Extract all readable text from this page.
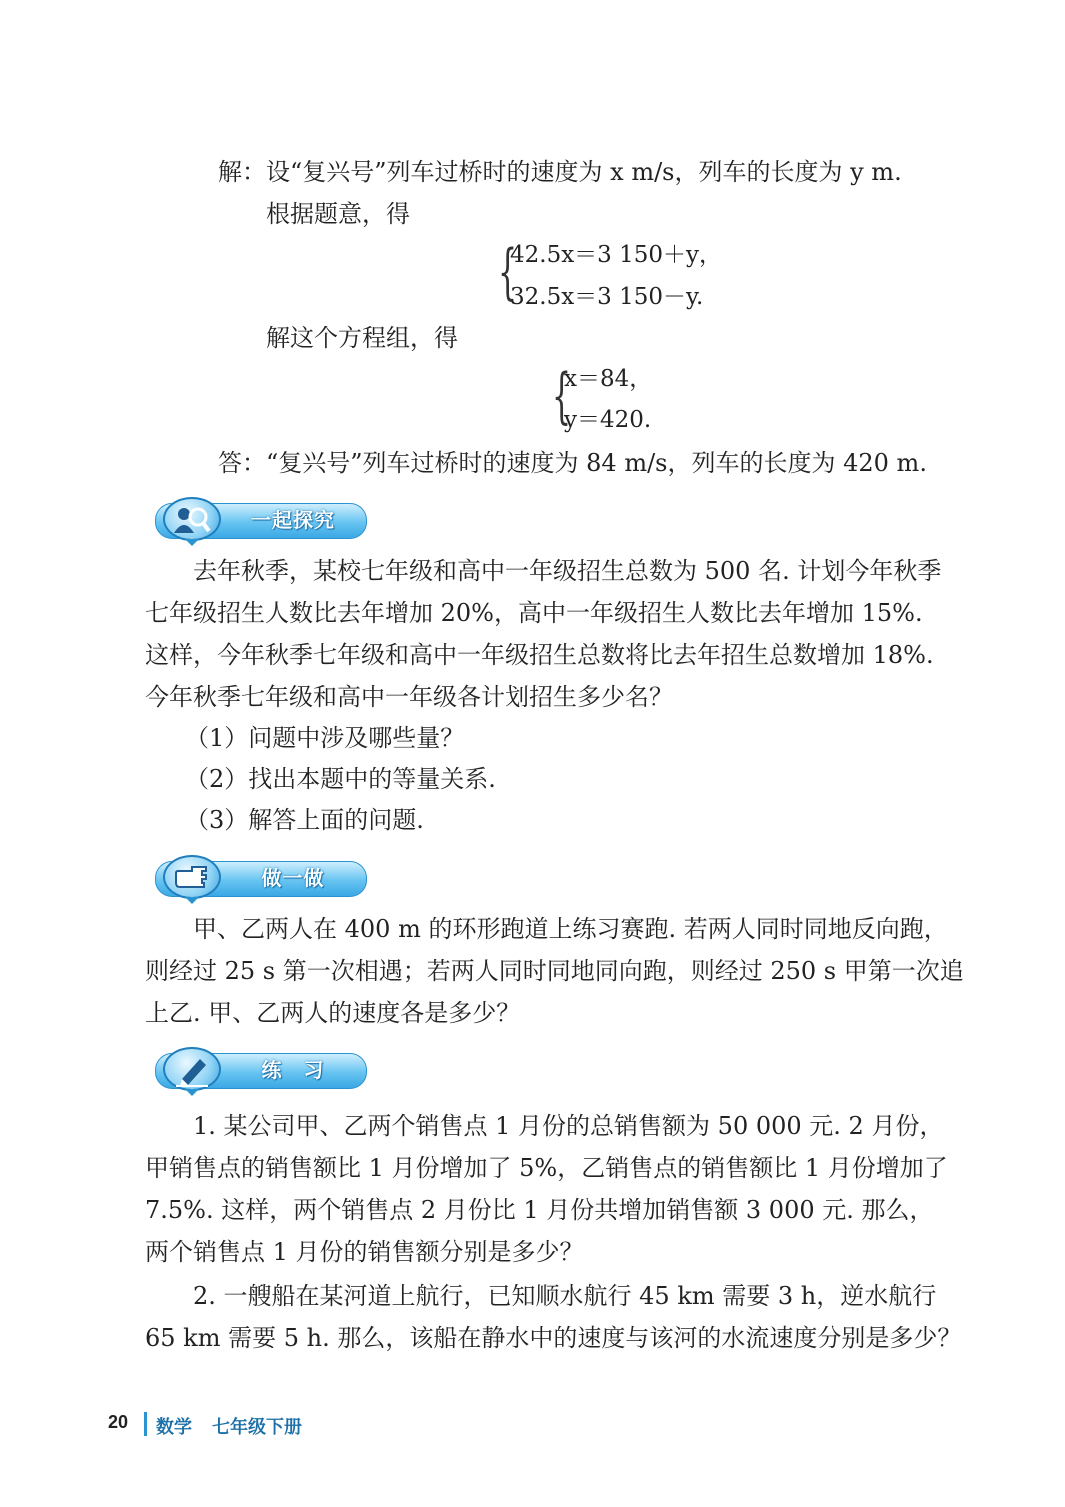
解：设“复兴号”列车过桥时的速度为 x m/s，列车的长度为 y m.
根据题意，得
{
42.5x＝3 150＋y，
32.5x＝3 150－y.
解这个方程组，得
{
x＝84，
y＝420.
答：“复兴号”列车过桥时的速度为 84 m/s，列车的长度为 420 m.
一起探究
去年秋季，某校七年级和高中一年级招生总数为 500 名. 计划今年秋季
七年级招生人数比去年增加 20%，高中一年级招生人数比去年增加 15%.
这样，今年秋季七年级和高中一年级招生总数将比去年招生总数增加 18%.
今年秋季七年级和高中一年级各计划招生多少名？
（1）问题中涉及哪些量？
（2）找出本题中的等量关系.
（3）解答上面的问题.
做一做
甲、乙两人在 400 m 的环形跑道上练习赛跑. 若两人同时同地反向跑，
则经过 25 s 第一次相遇；若两人同时同地同向跑，则经过 250 s 甲第一次追
上乙. 甲、乙两人的速度各是多少？
练　习
1. 某公司甲、乙两个销售点 1 月份的总销售额为 50 000 元. 2 月份，
甲销售点的销售额比 1 月份增加了 5%，乙销售点的销售额比 1 月份增加了
7.5%. 这样，两个销售点 2 月份比 1 月份共增加销售额 3 000 元. 那么，
两个销售点 1 月份的销售额分别是多少？
2. 一艘船在某河道上航行，已知顺水航行 45 km 需要 3 h，逆水航行
65 km 需要 5 h. 那么，该船在静水中的速度与该河的水流速度分别是多少？
20 数学 七年级下册
